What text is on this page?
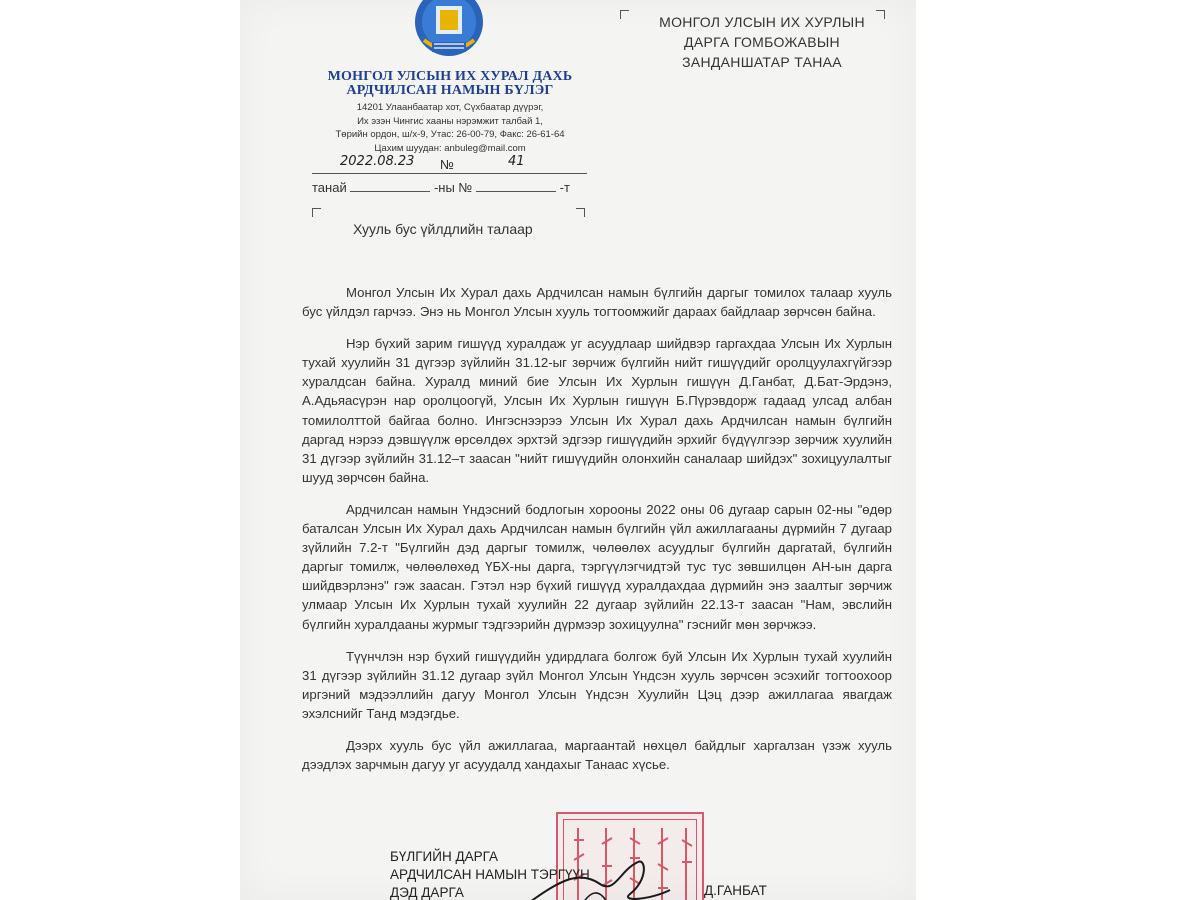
МОНГОЛ УЛСЫН ИХ ХУРАЛ ДАХЬ
АРДЧИЛСАН НАМЫН БҮЛЭГ
14201 Улаанбаатар хот, Сүхбаатар дүүрэг,
Их эзэн Чингис хааны нэрэмжит талбай 1,
Төрийн ордон, ш/х-9, Утас: 26-00-79, Факс: 26-61-64
Цахим шуудан: anbuleg@mail.com
2022.08.23 №	41
танай	-ны №	-т
Хууль бус үйлдлийн талаар
МОНГОЛ УЛСЫН ИХ ХУРЛЫН
ДАРГА ГОМБОЖАВЫН
ЗАНДАНШАТАР ТАНАА

Монгол Улсын Их Хурал дахь Ардчилсан намын бүлгийн даргыг томилох талаар хууль бус үйлдэл гарчээ. Энэ нь Монгол Улсын хууль тогтоомжийг дараах байдлаар зөрчсөн байна.

Нэр бүхий зарим гишүүд хуралдаж уг асуудлаар шийдвэр гаргахдаа Улсын Их Хурлын тухай хуулийн 31 дүгээр зүйлийн 31.12-ыг зөрчиж бүлгийн нийт гишүүдийг оролцуулахгүйгээр хуралдсан байна. Хуралд миний бие Улсын Их Хурлын гишүүн Д.Ганбат, Д.Бат-Эрдэнэ, А.Адьяасүрэн нар оролцоогүй, Улсын Их Хурлын гишүүн Б.Пүрэвдорж гадаад улсад албан томилолттой байгаа болно. Ингэснээрээ Улсын Их Хурал дахь Ардчилсан намын бүлгийн даргад нэрээ дэвшүүлж өрсөлдөх эрхтэй эдгээр гишүүдийн эрхийг бүдүүлгээр зөрчиж хуулийн 31 дүгээр зүйлийн 31.12–т заасан "нийт гишүүдийн олонхийн саналаар шийдэх" зохицуулалтыг шууд зөрчсөн байна.

Ардчилсан намын Үндэсний бодлогын хорооны 2022 оны 06 дугаар сарын 02-ны "өдөр баталсан Улсын Их Хурал дахь Ардчилсан намын бүлгийн үйл ажиллагааны дүрмийн 7 дугаар зүйлийн 7.2-т "Бүлгийн дэд даргыг томилж, чөлөөлөх асуудлыг бүлгийн даргатай, бүлгийн даргыг томилж, чөлөөлөхөд ҮБХ-ны дарга, тэргүүлэгчидтэй тус тус зөвшилцөн АН-ын дарга шийдвэрлэнэ" гэж заасан. Гэтэл нэр бүхий гишүүд хуралдахдаа дүрмийн энэ заалтыг зөрчиж улмаар Улсын Их Хурлын тухай хуулийн 22 дугаар зүйлийн 22.13-т заасан "Нам, эвслийн бүлгийн хуралдааны журмыг тэдгээрийн дүрмээр зохицуулна" гэснийг мөн зөрчжээ.

Түүнчлэн нэр бүхий гишүүдийн удирдлага болгож буй Улсын Их Хурлын тухай хуулийн 31 дүгээр зүйлийн 31.12 дугаар зүйл Монгол Улсын Үндсэн хууль зөрчсөн эсэхийг тогтоохоор иргэний мэдээллийн дагуу Монгол Улсын Үндсэн Хуулийн Цэц дээр ажиллагаа явагдаж эхэлснийг Танд мэдэгдье.

Дээрх хууль бус үйл ажиллагаа, маргаантай нөхцөл байдлыг харгалзан үзэж хууль дээдлэх зарчмын дагуу уг асуудалд хандахыг Танаас хүсье.

БҮЛГИЙН ДАРГА
АРДЧИЛСАН НАМЫН ТЭРГҮҮН
ДЭД ДАРГА	Д.ГАНБАТ
